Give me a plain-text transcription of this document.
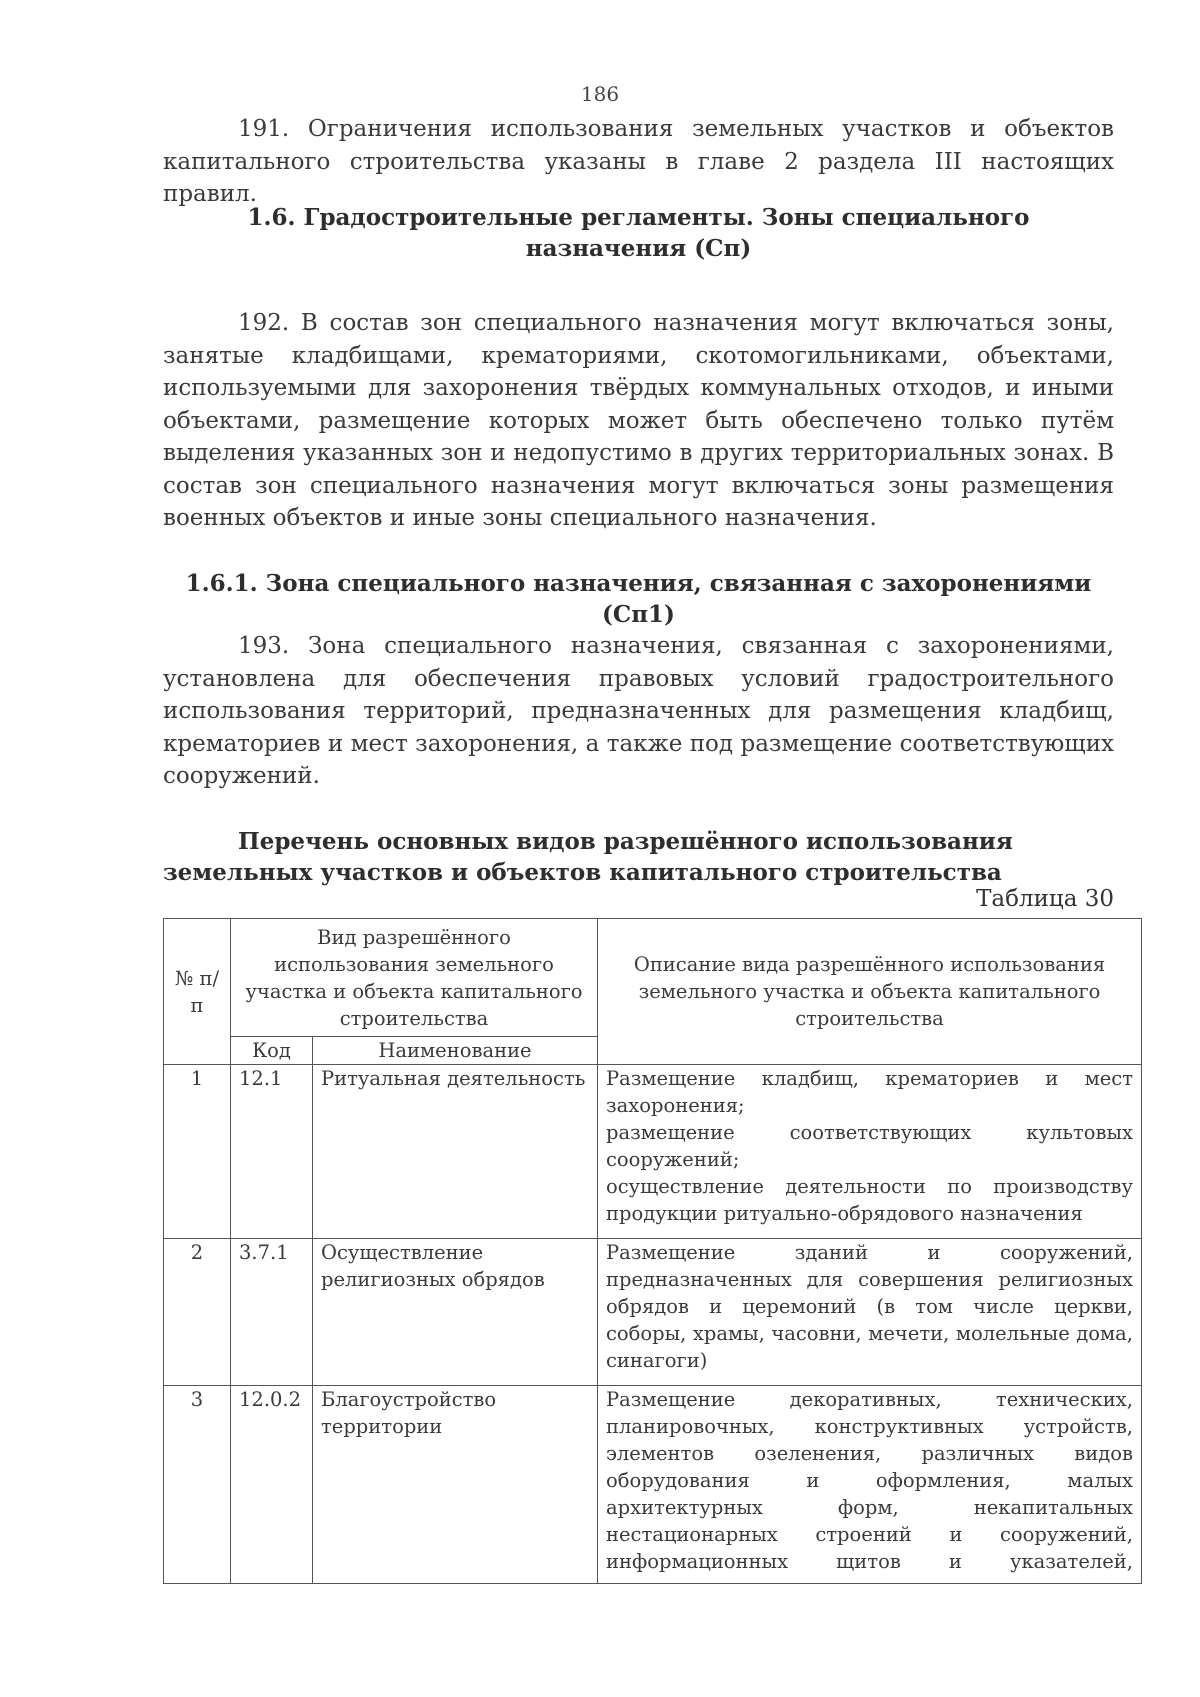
186

191. Ограничения использования земельных участков и объектов капитального строительства указаны в главе 2 раздела III настоящих правил.

1.6. Градостроительные регламенты. Зоны специального назначения (Сп)

192. В состав зон специального назначения могут включаться зоны, занятые кладбищами, крематориями, скотомогильниками, объектами, используемыми для захоронения твёрдых коммунальных отходов, и иными объектами, размещение которых может быть обеспечено только путём выделения указанных зон и недопустимо в других территориальных зонах. В состав зон специального назначения могут включаться зоны размещения военных объектов и иные зоны специального назначения.

1.6.1. Зона специального назначения, связанная с захоронениями (Сп1)

193. Зона специального назначения, связанная с захоронениями, установлена для обеспечения правовых условий градостроительного использования территорий, предназначенных для размещения кладбищ, крематориев и мест захоронения, а также под размещение соответствующих сооружений.

Перечень основных видов разрешённого использования земельных участков и объектов капитального строительства

Таблица 30
№ п/п	Вид разрешённого использования земельного участка и объекта капитального строительства		Описание вида разрешённого использования земельного участка и объекта капитального строительства
	Код	Наименование	
1	12.1	Ритуальная деятельность	Размещение кладбищ, крематориев и мест захоронения;
размещение соответствующих культовых сооружений;
осуществление деятельности по производству продукции ритуально-обрядового назначения

2	3.7.1	Осуществление религиозных обрядов	Размещение зданий и сооружений, предназначенных для совершения религиозных обрядов и церемоний (в том числе церкви, соборы, храмы, часовни, мечети, молельные дома, синагоги)

3	12.0.2	Благоустройство территории	Размещение декоративных, технических, планировочных, конструктивных устройств, элементов озеленения, различных видов оборудования и оформления, малых архитектурных форм, некапитальных нестационарных строений и сооружений, информационных щитов и указателей,
